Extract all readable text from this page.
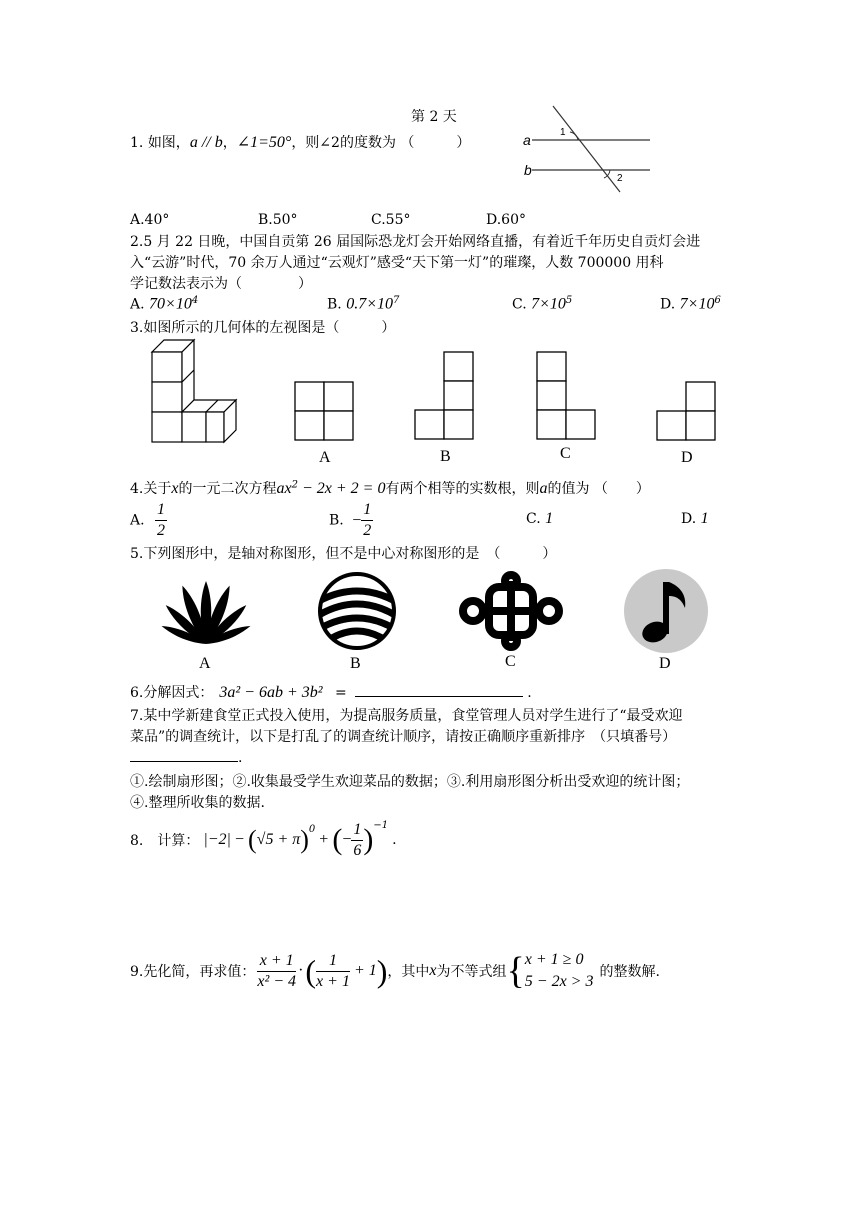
第 2 天
1. 如图，a // b，∠1=50°，则∠2的度数为 （　　　）	a
b
1
2
A.40°	B.50°	C.55°	D.60°
2.5 月 22 日晚，中国自贡第 26 届国际恐龙灯会开始网络直播，有着近千年历史自贡灯会进
入“云游”时代，70 余万人通过“云观灯”感受“天下第一灯”的璀璨，人数 700000 用科
学记数法表示为（　　　　）
A. $70\times 10^4$	B. $0.7\times 10^7$	C. $7\times 10^5$	D. $7\times 10^6$
3.如图所示的几何体的左视图是（　　　）
A	B	C	D
4.关于x的一元二次方程$ax^2 - 2x + 2 = 0$有两个相等的实数根，则a的值为 （　　）
A. $\frac{1}{2}$	B. − $\frac{1}{2}$	C. 1	D. 1
5.下列图形中，是轴对称图形，但不是中心对称图形的是　（　　　）
A	B	C	D
6.分解因式： 3a² − 6ab + 3b² =	.
7.某中学新建食堂正式投入使用，为提高服务质量，食堂管理人员对学生进行了“最受欢迎
菜品”的调查统计，以下是打乱了的调查统计顺序，请按正确顺序重新排序　（只填番号）
.
①.绘制扇形图；②.收集最受学生欢迎菜品的数据；③.利用扇形图分析出受欢迎的统计图；
④.整理所收集的数据.
8.　计算： |−2| − ( √5 + π )$^0$
+ ( − $\frac{1}{6} )^{-1}$
.
9.先化简，再求值： $\frac{x + 1}{\text{x² − 4}}$ · ( $\frac{1}{x + 1} + 1$ ) ，其中 x 为不等式组 { x + 1 ≥ 0
5 − 2x > 3
的整数解.
